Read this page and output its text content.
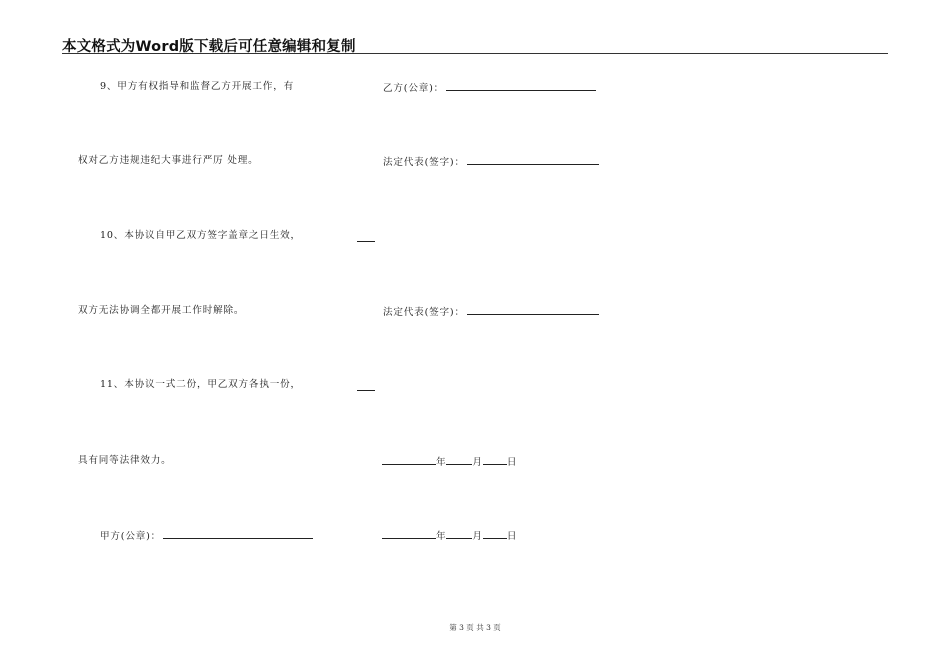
本文格式为Word版下载后可任意编辑和复制
9、甲方有权指导和监督乙方开展工作，有
权对乙方违规违纪大事进行严厉 处理。
10、本协议自甲乙双方签字盖章之日生效，
双方无法协调全都开展工作时解除。
11、本协议一式二份，甲乙双方各执一份，
具有同等法律效力。
甲方(公章)：
乙方(公章)：
法定代表(签字)：
法定代表(签字)：
年	月	日
年	月	日
第 3 页 共 3 页
